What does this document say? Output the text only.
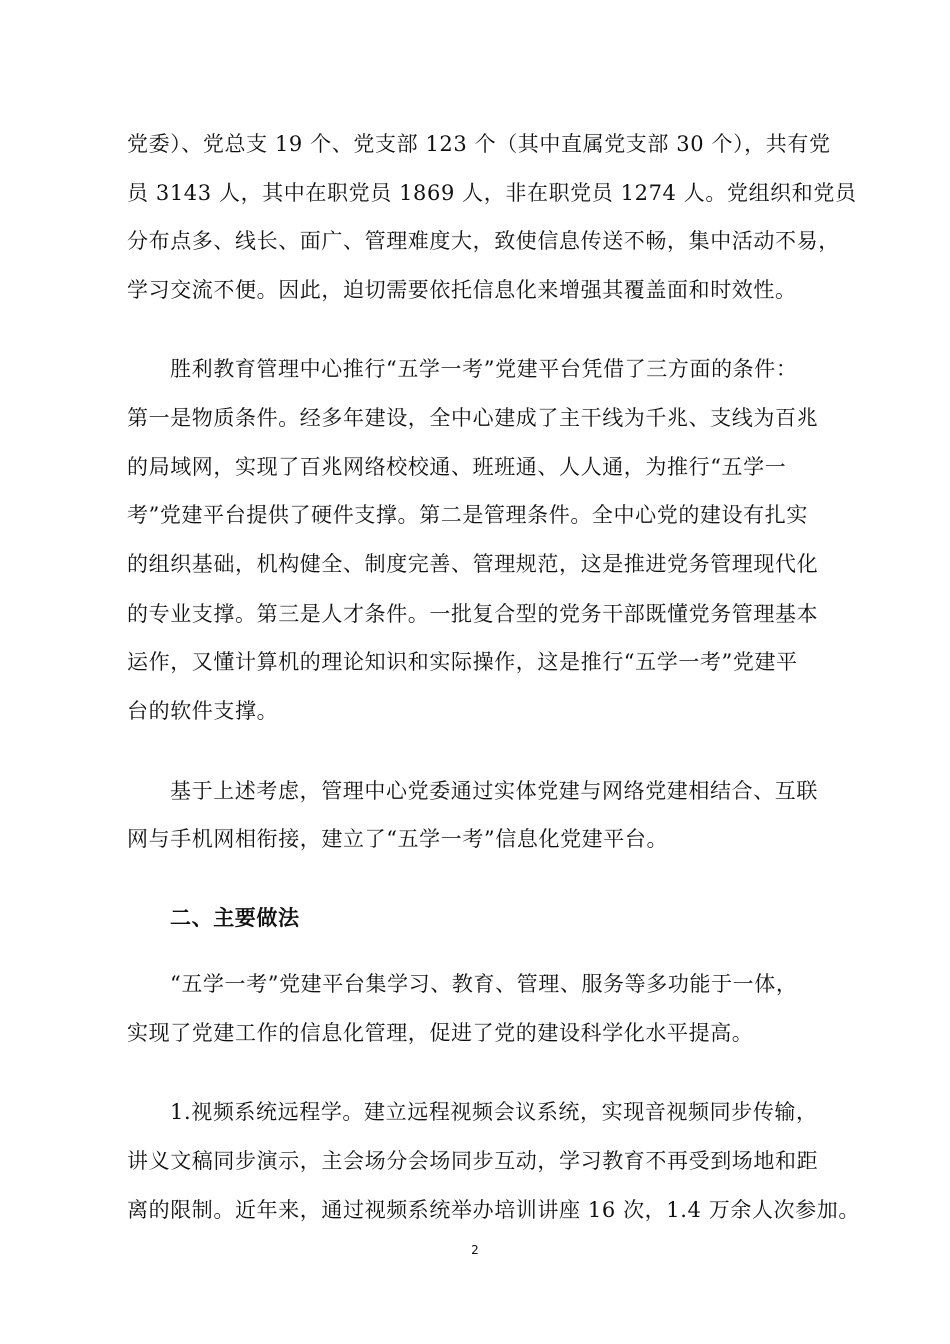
党委）、党总支 19 个、党支部 123 个（其中直属党支部 30 个），共有党
员 3143 人，其中在职党员 1869 人，非在职党员 1274 人。党组织和党员
分布点多、线长、面广、管理难度大，致使信息传送不畅，集中活动不易，
学习交流不便。因此，迫切需要依托信息化来增强其覆盖面和时效性。
胜利教育管理中心推行“五学一考”党建平台凭借了三方面的条件：
第一是物质条件。经多年建设，全中心建成了主干线为千兆、支线为百兆
的局域网，实现了百兆网络校校通、班班通、人人通，为推行“五学一
考”党建平台提供了硬件支撑。第二是管理条件。全中心党的建设有扎实
的组织基础，机构健全、制度完善、管理规范，这是推进党务管理现代化
的专业支撑。第三是人才条件。一批复合型的党务干部既懂党务管理基本
运作，又懂计算机的理论知识和实际操作，这是推行“五学一考”党建平
台的软件支撑。
基于上述考虑，管理中心党委通过实体党建与网络党建相结合、互联
网与手机网相衔接，建立了“五学一考”信息化党建平台。
二、主要做法
“五学一考”党建平台集学习、教育、管理、服务等多功能于一体，
实现了党建工作的信息化管理，促进了党的建设科学化水平提高。
1.视频系统远程学。建立远程视频会议系统，实现音视频同步传输，
讲义文稿同步演示，主会场分会场同步互动，学习教育不再受到场地和距
离的限制。近年来，通过视频系统举办培训讲座 16 次，1.4 万余人次参加。
2
